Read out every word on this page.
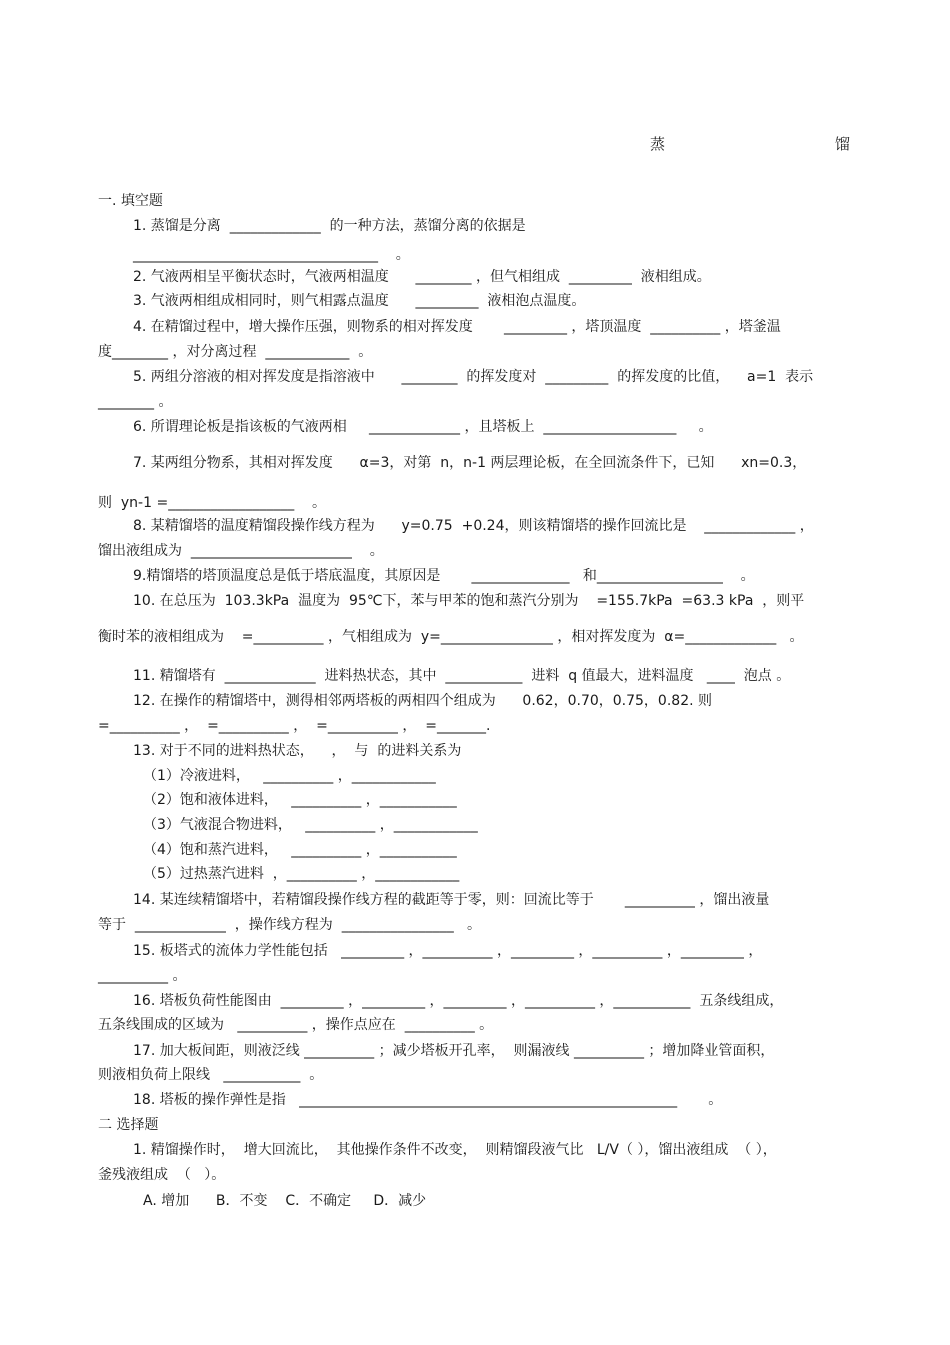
蒸	馏
一. 填空题
1. 蒸馏是分离  _____________  的一种方法，蒸馏分离的依据是
___________________________________    。
2. 气液两相呈平衡状态时，气液两相温度      ________ ，但气相组成  _________  液相组成。
3. 气液两相组成相同时，则气相露点温度      _________  液相泡点温度。
4. 在精馏过程中，增大操作压强，则物系的相对挥发度       _________ ，塔顶温度  __________ ，塔釜温
度________ ，对分离过程  ____________  。
5. 两组分溶液的相对挥发度是指溶液中      ________  的挥发度对  _________  的挥发度的比值，    a=1  表示
________ 。
6. 所谓理论板是指该板的气液两相     _____________ ，且塔板上  ___________________     。
7. 某两组分物系，其相对挥发度      α=3，对第  n，n-1 两层理论板，在全回流条件下，已知      xn=0.3，
则  yn-1 =__________________    。
8. 某精馏塔的温度精馏段操作线方程为      y=0.75  +0.24，则该精馏塔的操作回流比是    _____________ ，
馏出液组成为  _______________________    。
9.精馏塔的塔顶温度总是低于塔底温度，其原因是       ______________   和__________________    。
10. 在总压为  103.3kPa  温度为  95℃下，苯与甲苯的饱和蒸汽分别为    =155.7kPa  =63.3 kPa  ，则平
衡时苯的液相组成为    =__________ ，气相组成为  y=________________ ，相对挥发度为  α=_____________   。
11. 精馏塔有  _____________  进料热状态，其中  ___________  进料  q 值最大，进料温度   ____  泡点 。
12. 在操作的精馏塔中，测得相邻两塔板的两相四个组成为      0.62，0.70，0.75，0.82. 则
=__________ ，  =__________ ，  =__________ ，  =_______.
13. 对于不同的进料热状态，    ，  与  的进料关系为
（1）冷液进料，   __________ ，____________
（2）饱和液体进料，   __________ ，___________
（3）气液混合物进料，   __________ ，____________
（4）饱和蒸汽进料，   __________ ，___________
（5）过热蒸汽进料  ，__________ ，____________
14. 某连续精馏塔中，若精馏段操作线方程的截距等于零，则：回流比等于       __________ ，馏出液量
等于  _____________  ，操作线方程为  ________________   。
15. 板塔式的流体力学性能包括   _________ ，__________ ，_________ ，__________ ，_________ ，
__________ 。
16. 塔板负荷性能图由  _________ ，_________ ，_________ ，__________ ，___________  五条线组成，
五条线围成的区域为   __________ ，操作点应在  __________ 。
17. 加大板间距，则液泛线 __________ ；减少塔板开孔率，  则漏液线 __________ ；增加降业管面积，
则液相负荷上限线   ___________  。
18. 塔板的操作弹性是指   ______________________________________________________       。
二 选择题
1. 精馏操作时，  增大回流比，  其他操作条件不改变，  则精馏段液气比   L/V（ ），馏出液组成  （ ），
釜残液组成  （   ）。
A. 增加      B．不变    C．不确定     D．减少
